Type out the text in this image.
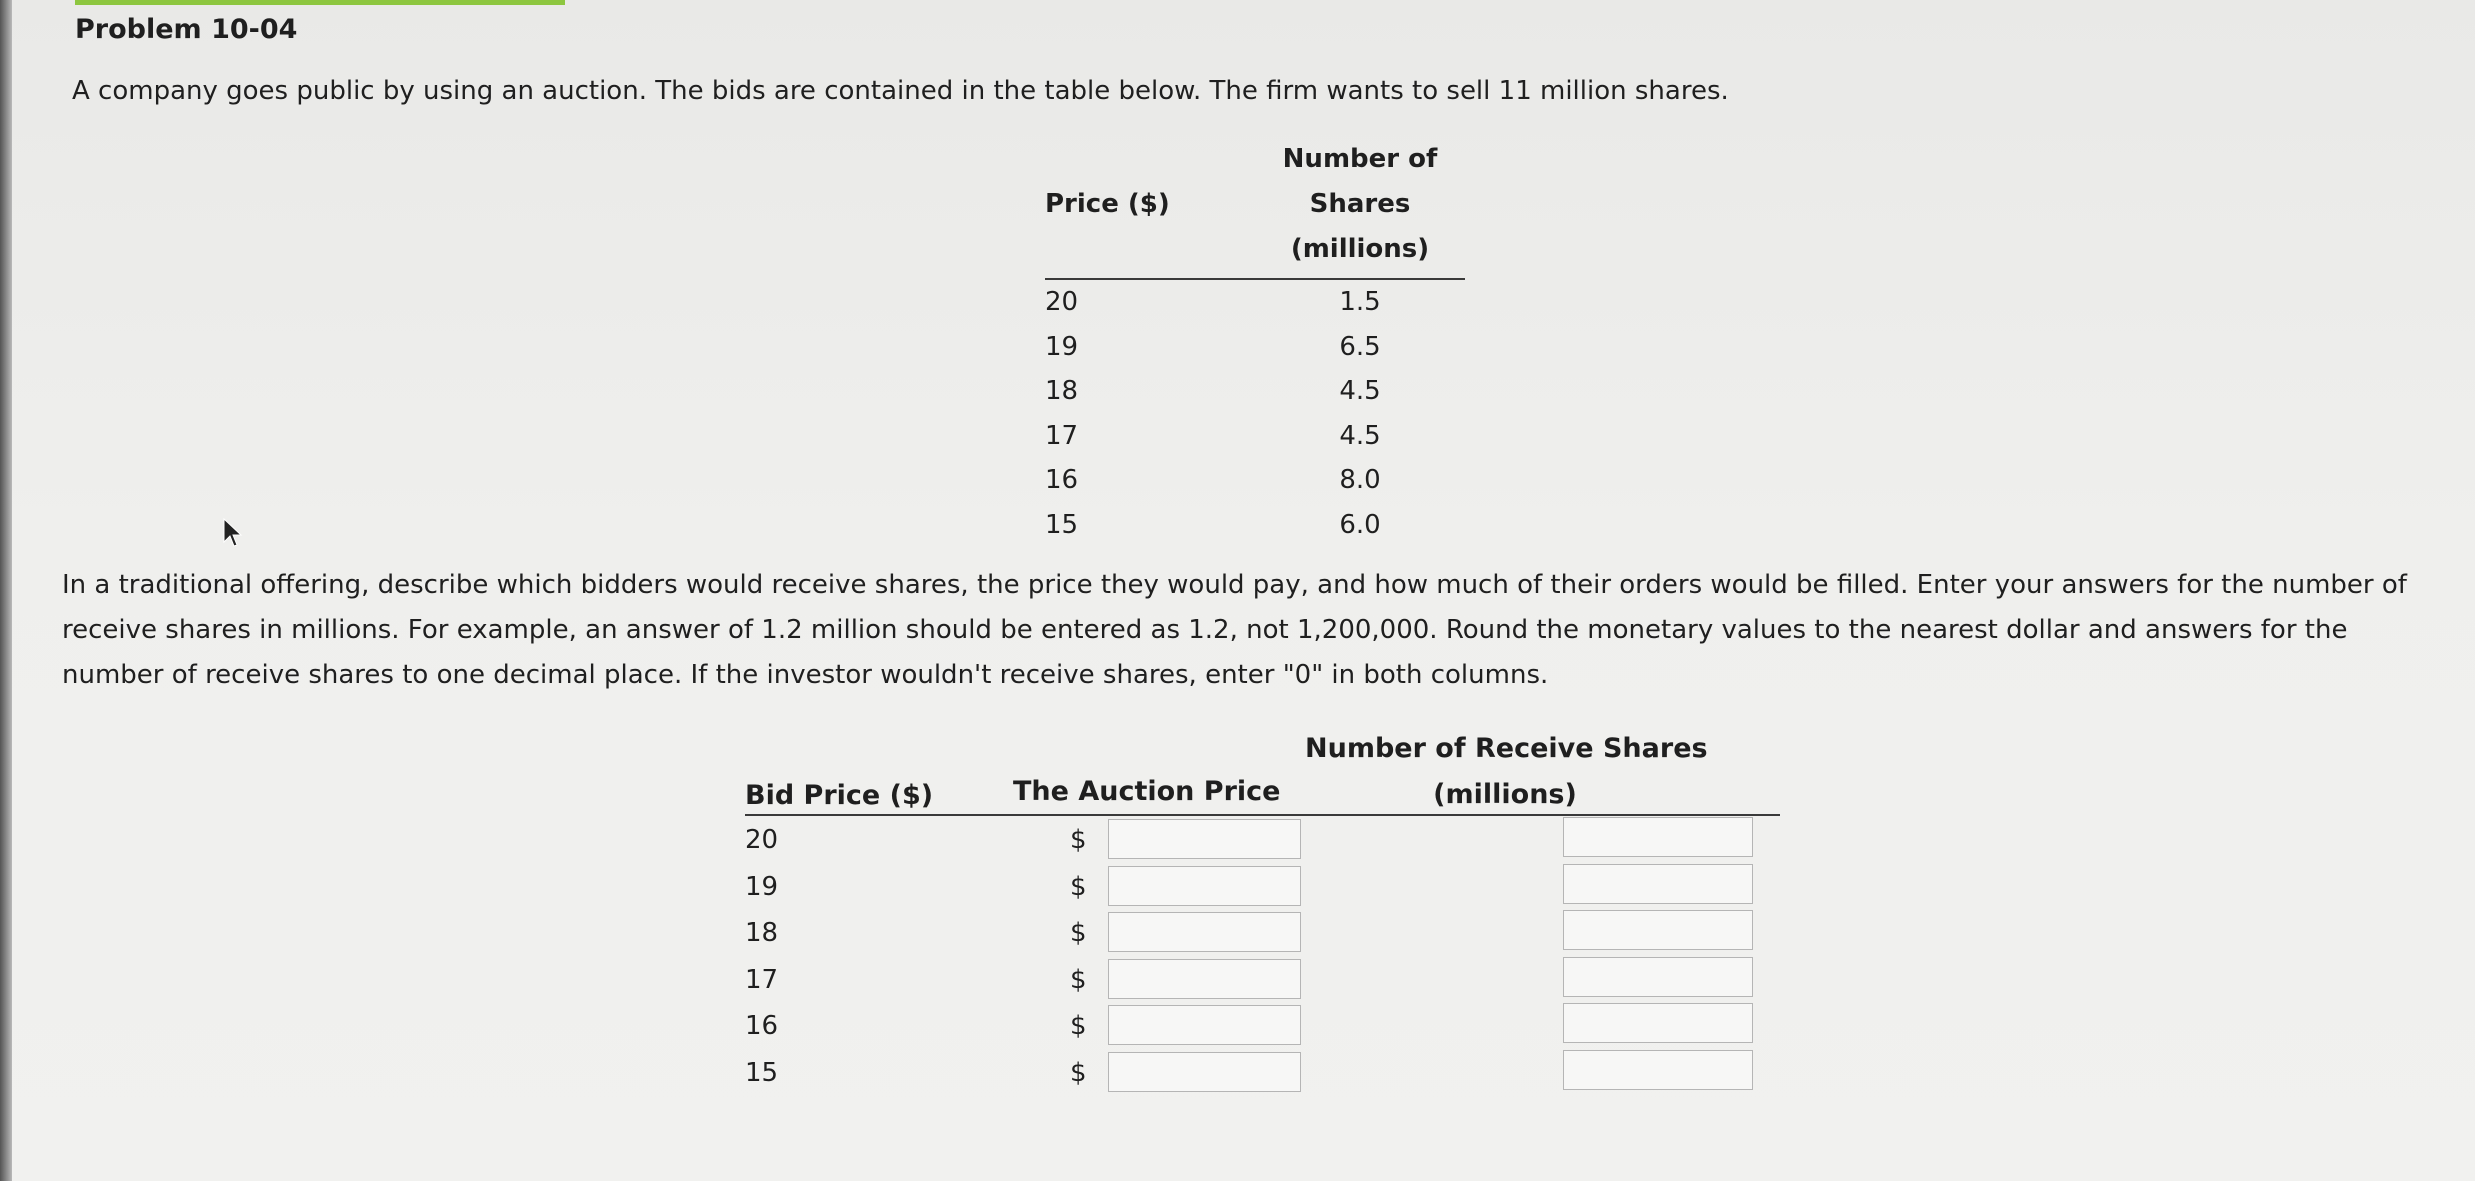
Problem 10-04
A company goes public by using an auction. The bids are contained in the table below. The firm wants to sell 11 million shares.
Price ($)	Number of
Shares
(millions)

20	1.5
19	6.5
18	4.5
17	4.5
16	8.0
15	6.0
In a traditional offering, describe which bidders would receive shares, the price they would pay, and how much of their orders would be filled. Enter your answers for the number of receive shares in millions. For example, an answer of 1.2 million should be entered as 1.2, not 1,200,000. Round the monetary values to the nearest dollar and answers for the number of receive shares to one decimal place. If the investor wouldn't receive shares, enter "0" in both columns.
Bid Price ($)	The Auction Price
Number of Receive Shares
(millions)
20	$
19	$
18	$
17	$
16	$
15	$
